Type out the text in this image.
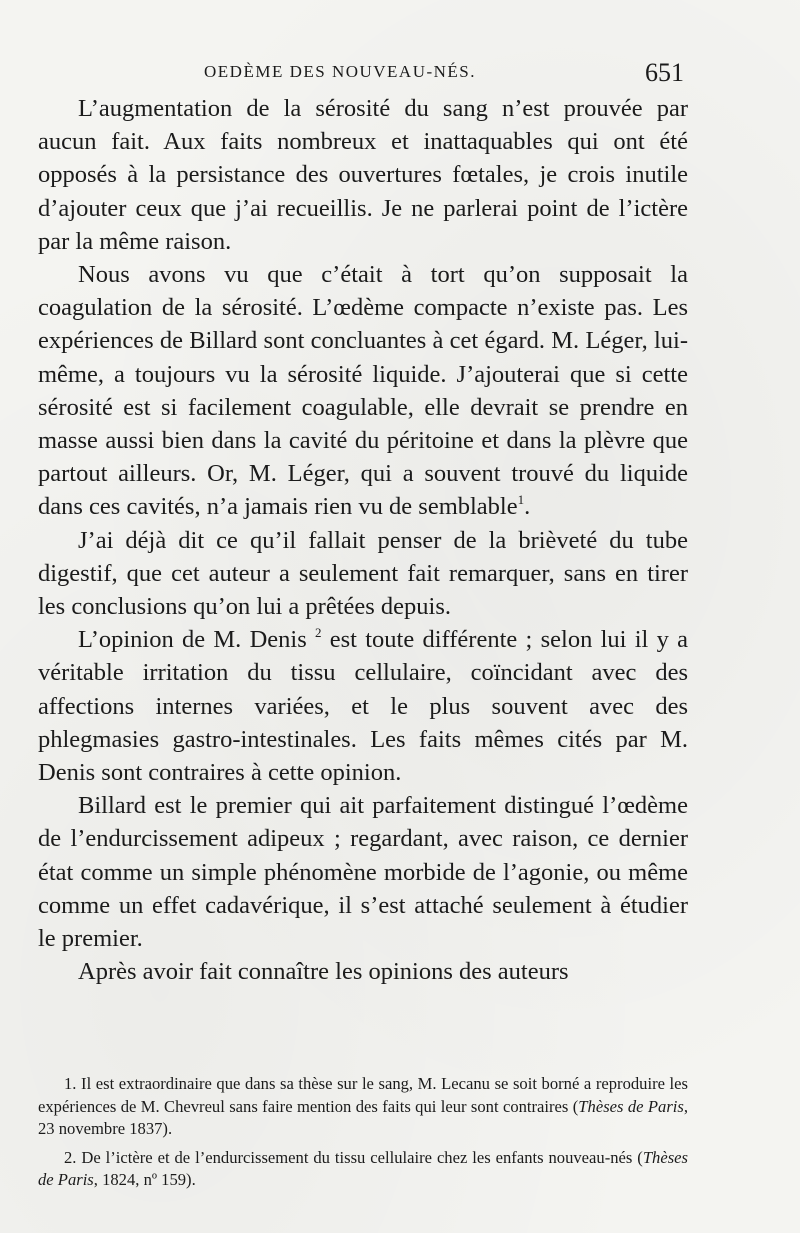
OEDÈME DES NOUVEAU-NÉS.	651

L’augmentation de la sérosité du sang n’est prouvée par aucun fait. Aux faits nombreux et inattaquables qui ont été opposés à la persistance des ouvertures fœtales, je crois inutile d’ajouter ceux que j’ai recueillis. Je ne parlerai point de l’ictère par la même raison.

Nous avons vu que c’était à tort qu’on supposait la coagulation de la sérosité. L’œdème compacte n’existe pas. Les expériences de Billard sont concluantes à cet égard. M. Léger, lui-même, a toujours vu la sérosité liquide. J’ajouterai que si cette sérosité est si facilement coagulable, elle devrait se prendre en masse aussi bien dans la cavité du péritoine et dans la plèvre que partout ailleurs. Or, M. Léger, qui a souvent trouvé du liquide dans ces cavités, n’a jamais rien vu de semblable$^1$.

J’ai déjà dit ce qu’il fallait penser de la brièveté du tube digestif, que cet auteur a seulement fait remarquer, sans en tirer les conclusions qu’on lui a prêtées depuis.

L’opinion de M. Denis $^2$ est toute différente ; selon lui il y a véritable irritation du tissu cellulaire, coïncidant avec des affections internes variées, et le plus souvent avec des phlegmasies gastro-intestinales. Les faits mêmes cités par M. Denis sont contraires à cette opinion.

Billard est le premier qui ait parfaitement distingué l’œdème de l’endurcissement adipeux ; regardant, avec raison, ce dernier état comme un simple phénomène morbide de l’agonie, ou même comme un effet cadavérique, il s’est attaché seulement à étudier le premier.

Après avoir fait connaître les opinions des auteurs

1. Il est extraordinaire que dans sa thèse sur le sang, M. Lecanu se soit borné a reproduire les expériences de M. Chevreul sans faire mention des faits qui leur sont contraires (Thèses de Paris, 23 novembre 1837).

2. De l’ictère et de l’endurcissement du tissu cellulaire chez les enfants nouveau-nés (Thèses de Paris, 1824, nº 159).
